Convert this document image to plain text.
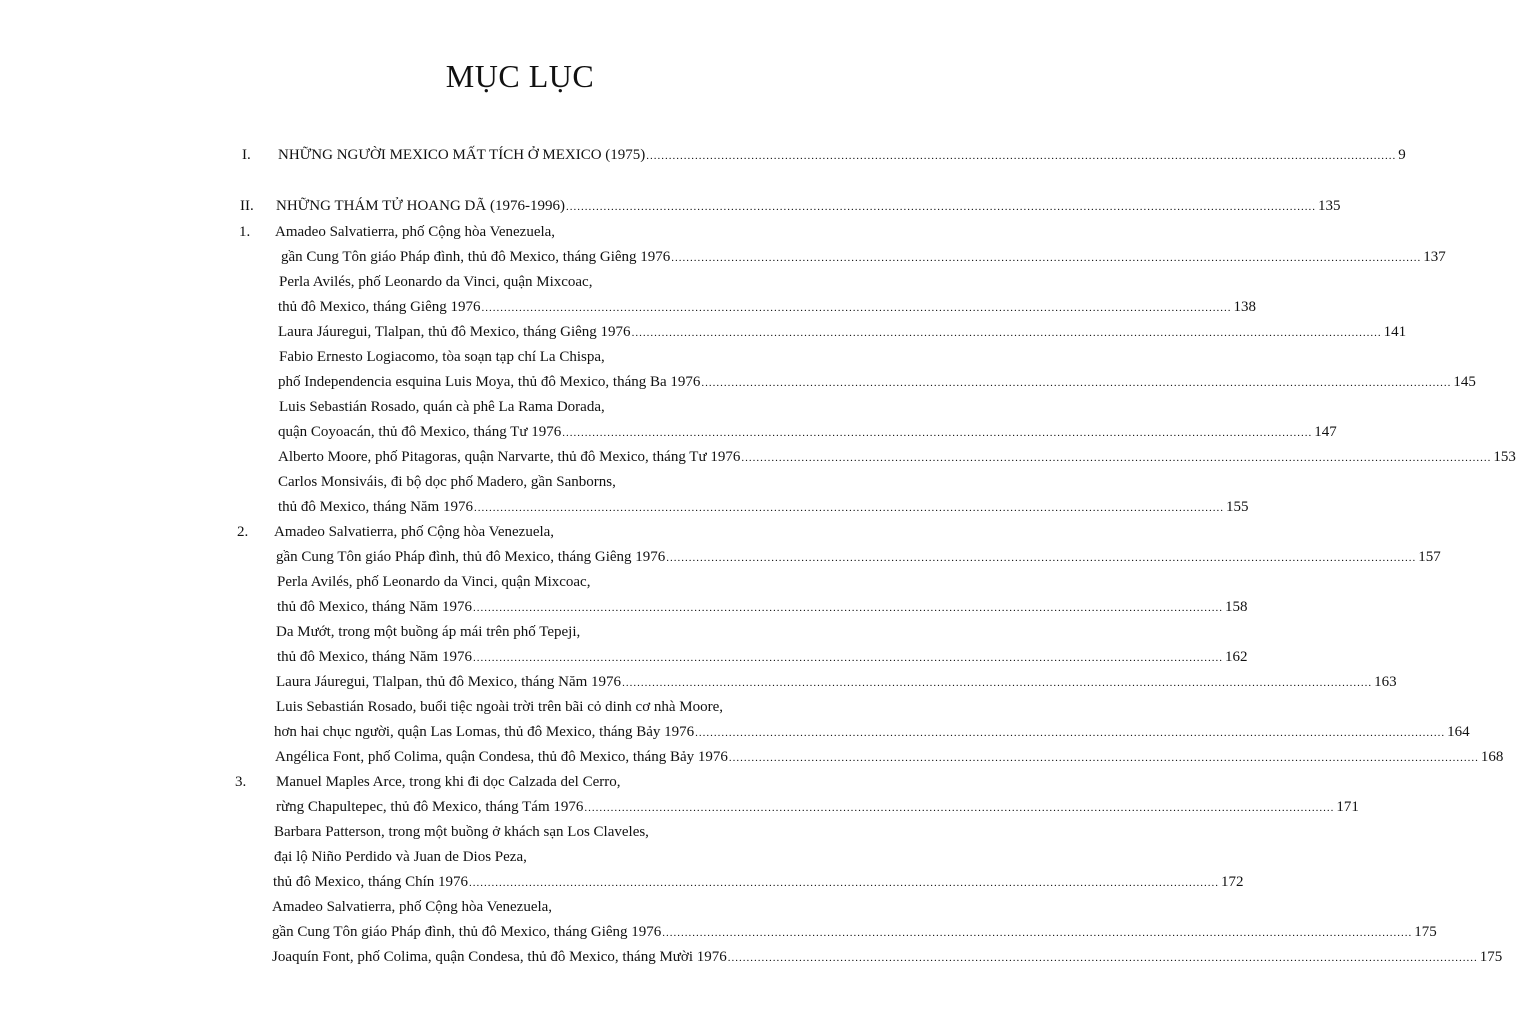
MỤC LỤC
I. NHỮNG NGƯỜI MEXICO MẤT TÍCH Ở MEXICO (1975) ........................................................................................................................................................................................................ 9
II. NHỮNG THÁM TỬ HOANG DÃ (1976-1996) ........................................................................................................................................................................................................ 135
1. Amadeo Salvatierra, phố Cộng hòa Venezuela,
gần Cung Tôn giáo Pháp đình, thủ đô Mexico, tháng Giêng 1976 ........................................................................................................................................................................................................ 137
Perla Avilés, phố Leonardo da Vinci, quận Mixcoac,
thủ đô Mexico, tháng Giêng 1976 ........................................................................................................................................................................................................ 138
Laura Jáuregui, Tlalpan, thủ đô Mexico, tháng Giêng 1976 ........................................................................................................................................................................................................ 141
Fabio Ernesto Logiacomo, tòa soạn tạp chí La Chispa,
phố Independencia esquina Luis Moya, thủ đô Mexico, tháng Ba 1976 ........................................................................................................................................................................................................ 145
Luis Sebastián Rosado, quán cà phê La Rama Dorada,
quận Coyoacán, thủ đô Mexico, tháng Tư 1976 ........................................................................................................................................................................................................ 147
Alberto Moore, phố Pitagoras, quận Narvarte, thủ đô Mexico, tháng Tư 1976 ........................................................................................................................................................................................................ 153
Carlos Monsiváis, đi bộ dọc phố Madero, gần Sanborns,
thủ đô Mexico, tháng Năm 1976 ........................................................................................................................................................................................................ 155
2. Amadeo Salvatierra, phố Cộng hòa Venezuela,
gần Cung Tôn giáo Pháp đình, thủ đô Mexico, tháng Giêng 1976 ........................................................................................................................................................................................................ 157
Perla Avilés, phố Leonardo da Vinci, quận Mixcoac,
thủ đô Mexico, tháng Năm 1976 ........................................................................................................................................................................................................ 158
Da Mướt, trong một buồng áp mái trên phố Tepeji,
thủ đô Mexico, tháng Năm 1976 ........................................................................................................................................................................................................ 162
Laura Jáuregui, Tlalpan, thủ đô Mexico, tháng Năm 1976 ........................................................................................................................................................................................................ 163
Luis Sebastián Rosado, buổi tiệc ngoài trời trên bãi cỏ dinh cơ nhà Moore,
hơn hai chục người, quận Las Lomas, thủ đô Mexico, tháng Bảy 1976 ........................................................................................................................................................................................................ 164
Angélica Font, phố Colima, quận Condesa, thủ đô Mexico, tháng Bảy 1976 ........................................................................................................................................................................................................ 168
3. Manuel Maples Arce, trong khi đi dọc Calzada del Cerro,
rừng Chapultepec, thủ đô Mexico, tháng Tám 1976 ........................................................................................................................................................................................................ 171
Barbara Patterson, trong một buồng ở khách sạn Los Claveles,
đại lộ Niño Perdido và Juan de Dios Peza,
thủ đô Mexico, tháng Chín 1976 ........................................................................................................................................................................................................ 172
Amadeo Salvatierra, phố Cộng hòa Venezuela,
gần Cung Tôn giáo Pháp đình, thủ đô Mexico, tháng Giêng 1976 ........................................................................................................................................................................................................ 175
Joaquín Font, phố Colima, quận Condesa, thủ đô Mexico, tháng Mười 1976 ........................................................................................................................................................................................................ 175
